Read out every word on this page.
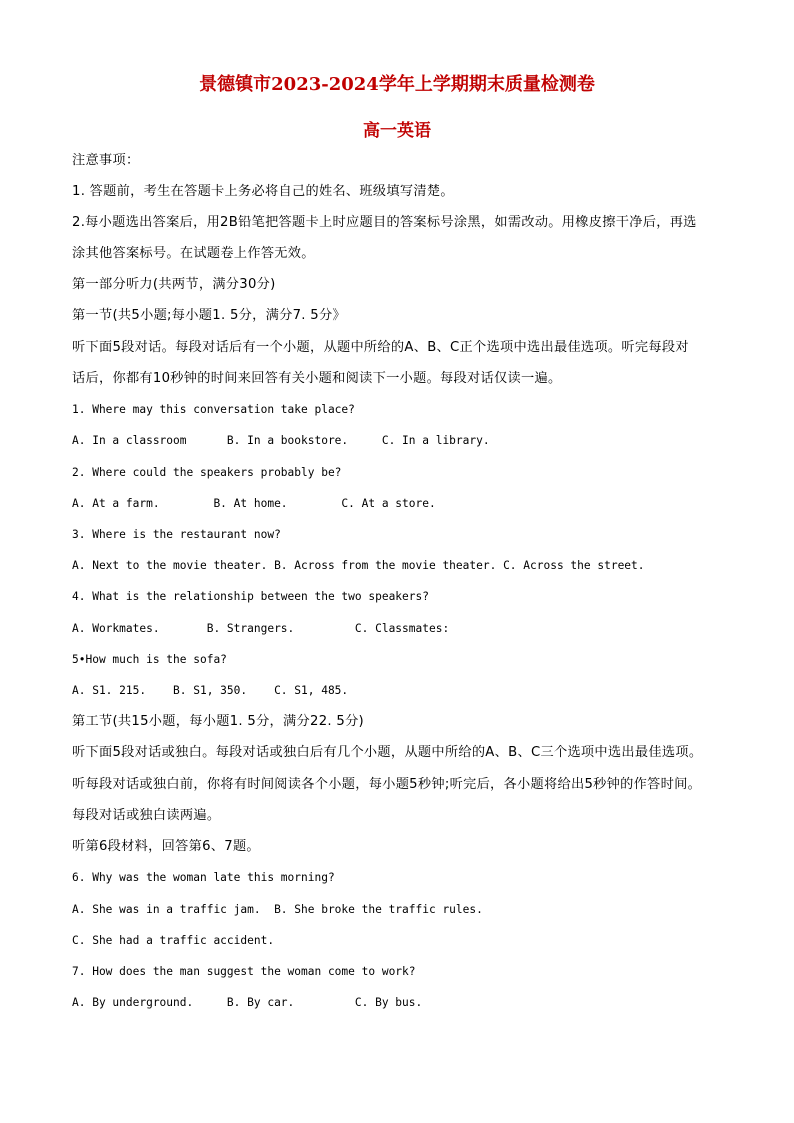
景德镇市2023-2024学年上学期期末质量检测卷
高一英语
注意事项：
1. 答题前，考生在答题卡上务必将自己的姓名、班级填写清楚。
2.每小题选出答案后，用2B铅笔把答题卡上时应题目的答案标号涂黑，如需改动。用橡皮擦干净后，再选
涂其他答案标号。在试题卷上作答无效。
第一部分听力(共两节，满分30分)
第一节(共5小题;每小题1. 5分，满分7. 5分》
听下面5段对话。每段对话后有一个小题，从题中所给的A、B、C正个选项中选出最佳选项。听完每段对
话后，你都有10秒钟的时间来回答有关小题和阅读下一小题。每段对话仅读一遍。
1. Where may this conversation take place?
A. In a classroom      B. In a bookstore.     C. In a library.
2. Where could the speakers probably be?
A. At a farm.        B. At home.        C. At a store.
3. Where is the restaurant now?
A. Next to the movie theater. B. Across from the movie theater. C. Across the street.
4. What is the relationship between the two speakers?
A. Workmates.       B. Strangers.         C. Classmates:
5•How much is the sofa?
A. S1. 215.    B. S1, 350.    C. S1, 485.
第工节(共15小题，每小题1. 5分，满分22. 5分)
听下面5段对话或独白。每段对话或独白后有几个小题，从题中所给的A、B、C三个选项中选出最佳选项。
听每段对话或独白前，你将有时间阅读各个小题，每小题5秒钟;听完后，各小题将给出5秒钟的作答时间。
每段对话或独白读两遍。
听第6段材料，回答第6、7题。
6. Why was the woman late this morning?
A. She was in a traffic jam.  B. She broke the traffic rules.
C. She had a traffic accident.
7. How does the man suggest the woman come to work?
A. By underground.     B. By car.         C. By bus.
